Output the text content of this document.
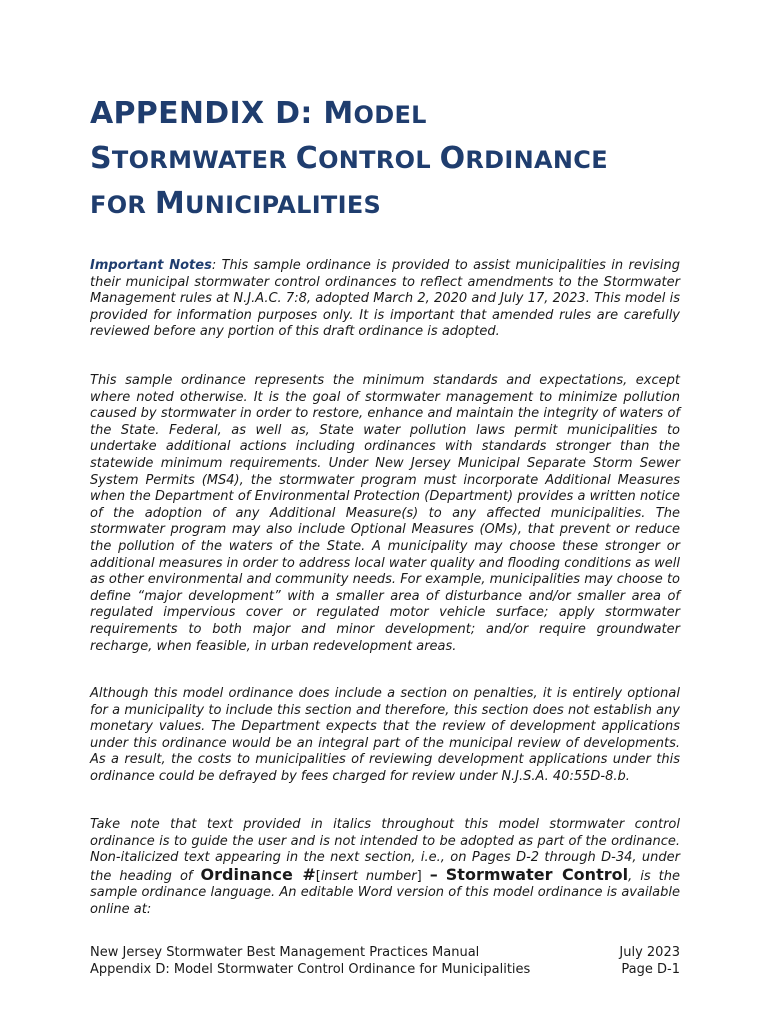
APPENDIX D: MODEL
STORMWATER CONTROL ORDINANCE
FOR MUNICIPALITIES
Important Notes: This sample ordinance is provided to assist municipalities in revising their municipal stormwater control ordinances to reflect amendments to the Stormwater Management rules at N.J.A.C. 7:8, adopted March 2, 2020 and July 17, 2023. This model is provided for information purposes only. It is important that amended rules are carefully reviewed before any portion of this draft ordinance is adopted.
This sample ordinance represents the minimum standards and expectations, except where noted otherwise. It is the goal of stormwater management to minimize pollution caused by stormwater in order to restore, enhance and maintain the integrity of waters of the State. Federal, as well as, State water pollution laws permit municipalities to undertake additional actions including ordinances with standards stronger than the statewide minimum requirements. Under New Jersey Municipal Separate Storm Sewer System Permits (MS4), the stormwater program must incorporate Additional Measures when the Department of Environmental Protection (Department) provides a written notice of the adoption of any Additional Measure(s) to any affected municipalities. The stormwater program may also include Optional Measures (OMs), that prevent or reduce the pollution of the waters of the State. A municipality may choose these stronger or additional measures in order to address local water quality and flooding conditions as well as other environmental and community needs. For example, municipalities may choose to define “major development” with a smaller area of disturbance and/or smaller area of regulated impervious cover or regulated motor vehicle surface; apply stormwater requirements to both major and minor development; and/or require groundwater recharge, when feasible, in urban redevelopment areas.
Although this model ordinance does include a section on penalties, it is entirely optional for a municipality to include this section and therefore, this section does not establish any monetary values. The Department expects that the review of development applications under this ordinance would be an integral part of the municipal review of developments. As a result, the costs to municipalities of reviewing development applications under this ordinance could be defrayed by fees charged for review under N.J.S.A. 40:55D-8.b.
Take note that text provided in italics throughout this model stormwater control ordinance is to guide the user and is not intended to be adopted as part of the ordinance. Non-italicized text appearing in the next section, i.e., on Pages D-2 through D-34, under the heading of Ordinance #[insert number] – Stormwater Control, is the sample ordinance language. An editable Word version of this model ordinance is available online at:
New Jersey Stormwater Best Management Practices Manual
Appendix D: Model Stormwater Control Ordinance for Municipalities
July 2023
Page D-1
